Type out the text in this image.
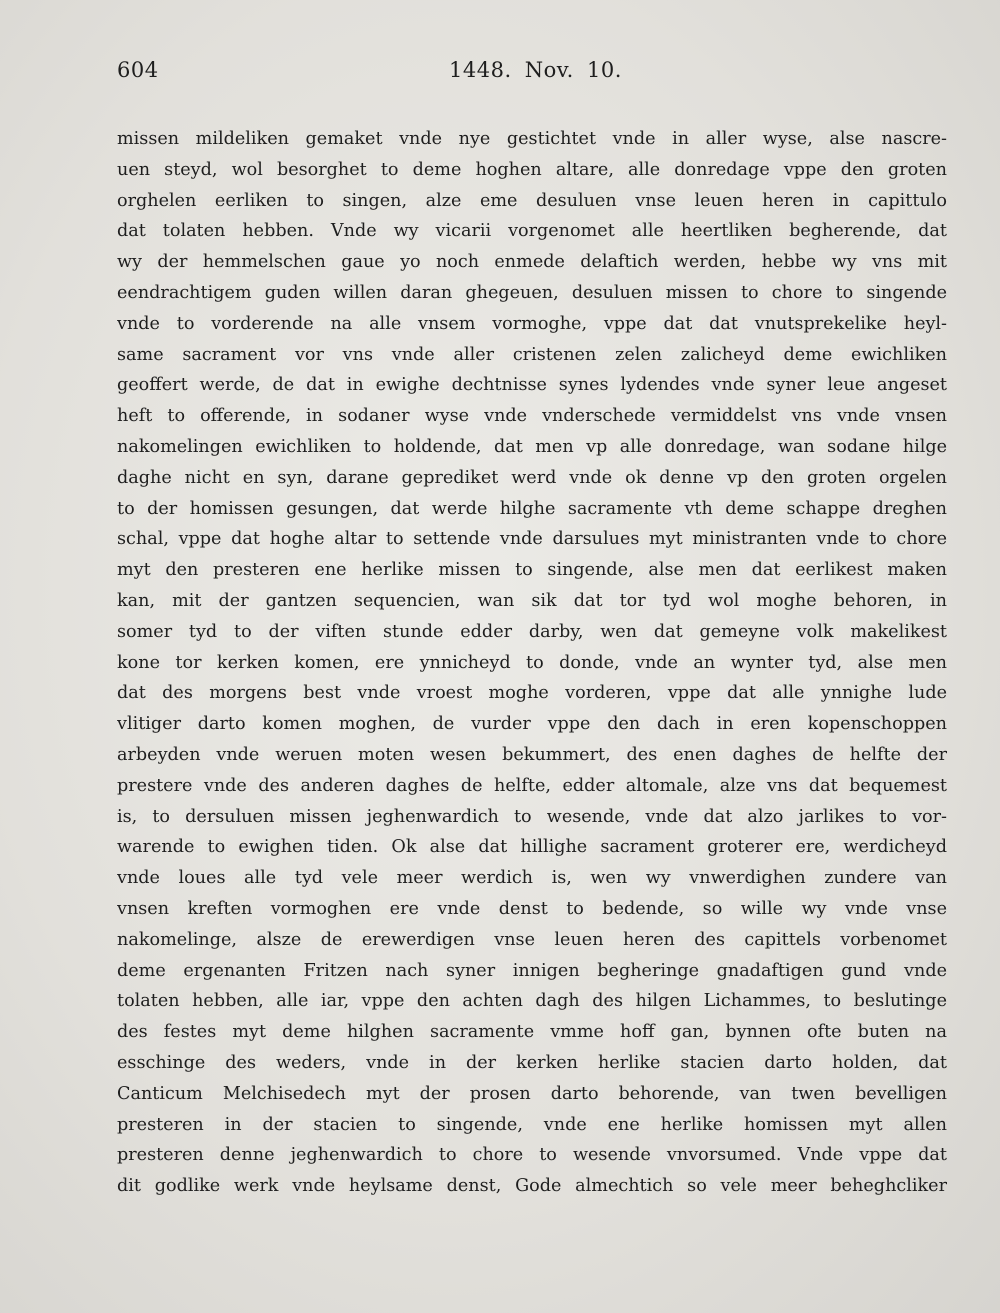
604	1448. Nov. 10.
missen mildeliken gemaket vnde nye gestichtet vnde in aller wyse, alse nascre-
uen steyd, wol besorghet to deme hoghen altare, alle donredage vppe den groten
orghelen eerliken to singen, alze eme desuluen vnse leuen heren in capittulo
dat tolaten hebben. Vnde wy vicarii vorgenomet alle heertliken begherende, dat
wy der hemmelschen gaue yo noch enmede delaftich werden, hebbe wy vns mit
eendrachtigem guden willen daran ghegeuen, desuluen missen to chore to singende
vnde to vorderende na alle vnsem vormoghe, vppe dat dat vnutsprekelike heyl-
same sacrament vor vns vnde aller cristenen zelen zalicheyd deme ewichliken
geoffert werde, de dat in ewighe dechtnisse synes lydendes vnde syner leue angeset
heft to offerende, in sodaner wyse vnde vnderschede vermiddelst vns vnde vnsen
nakomelingen ewichliken to holdende, dat men vp alle donredage, wan sodane hilge
daghe nicht en syn, darane geprediket werd vnde ok denne vp den groten orgelen
to der homissen gesungen, dat werde hilghe sacramente vth deme schappe dreghen
schal, vppe dat hoghe altar to settende vnde darsulues myt ministranten vnde to chore
myt den presteren ene herlike missen to singende, alse men dat eerlikest maken
kan, mit der gantzen sequencien, wan sik dat tor tyd wol moghe behoren, in
somer tyd to der viften stunde edder darby, wen dat gemeyne volk makelikest
kone tor kerken komen, ere ynnicheyd to donde, vnde an wynter tyd, alse men
dat des morgens best vnde vroest moghe vorderen, vppe dat alle ynnighe lude
vlitiger darto komen moghen, de vurder vppe den dach in eren kopenschoppen
arbeyden vnde weruen moten wesen bekummert, des enen daghes de helfte der
prestere vnde des anderen daghes de helfte, edder altomale, alze vns dat bequemest
is, to dersuluen missen jeghenwardich to wesende, vnde dat alzo jarlikes to vor-
warende to ewighen tiden. Ok alse dat hillighe sacrament groterer ere, werdicheyd
vnde loues alle tyd vele meer werdich is, wen wy vnwerdighen zundere van
vnsen kreften vormoghen ere vnde denst to bedende, so wille wy vnde vnse
nakomelinge, alsze de erewerdigen vnse leuen heren des capittels vorbenomet
deme ergenanten Fritzen nach syner innigen begheringe gnadaftigen gund vnde
tolaten hebben, alle iar, vppe den achten dagh des hilgen Lichammes, to beslutinge
des festes myt deme hilghen sacramente vmme hoff gan, bynnen ofte buten na
esschinge des weders, vnde in der kerken herlike stacien darto holden, dat
Canticum Melchisedech myt der prosen darto behorende, van twen bevelligen
presteren in der stacien to singende, vnde ene herlike homissen myt allen
presteren denne jeghenwardich to chore to wesende vnvorsumed. Vnde vppe dat
dit godlike werk vnde heylsame denst, Gode almechtich so vele meer beheghcliker
